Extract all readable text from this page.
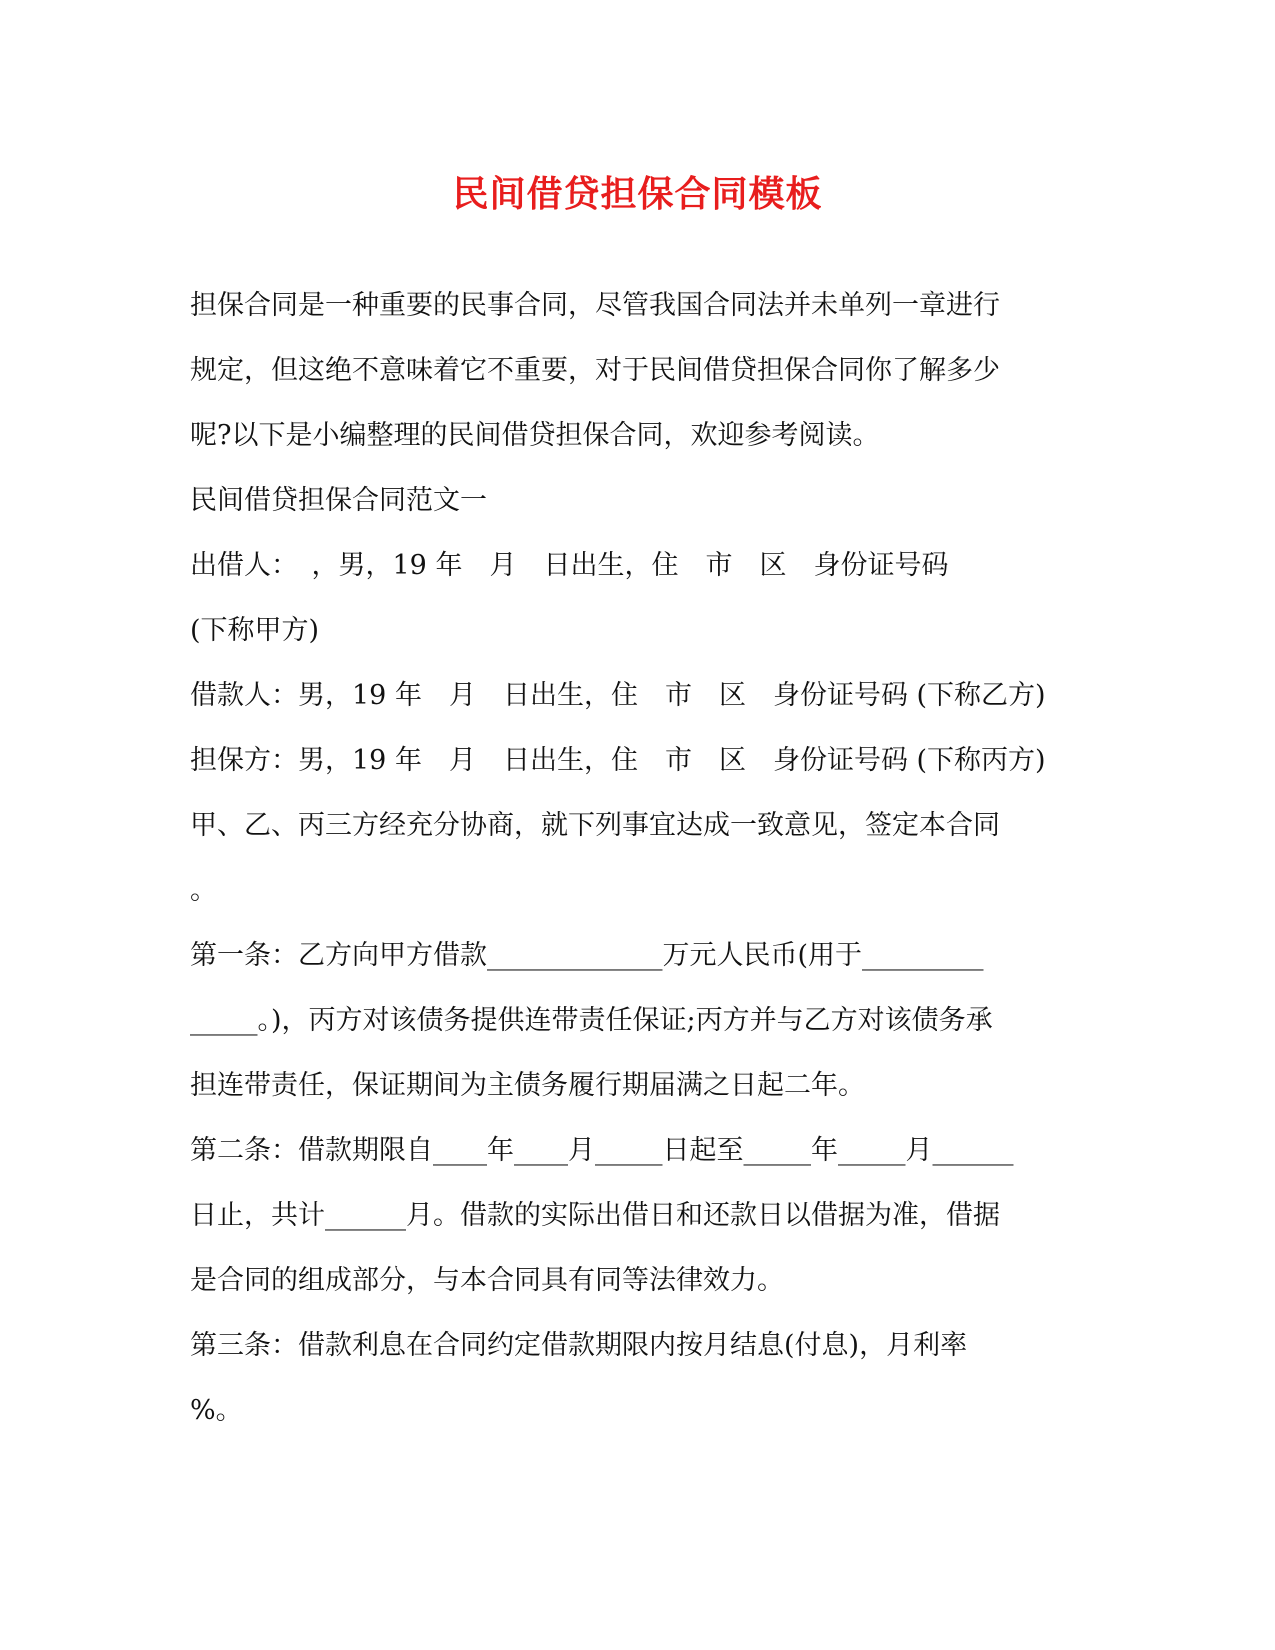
民间借贷担保合同模板

担保合同是一种重要的民事合同，尽管我国合同法并未单列一章进行

规定，但这绝不意味着它不重要，对于民间借贷担保合同你了解多少

呢?以下是小编整理的民间借贷担保合同，欢迎参考阅读。

民间借贷担保合同范文一

出借人：　，男，19 年　月　日出生，住　市　区　身份证号码

(下称甲方)

借款人：男，19 年　月　日出生，住　市　区　身份证号码 (下称乙方)

担保方：男，19 年　月　日出生，住　市　区　身份证号码 (下称丙方)

甲、乙、丙三方经充分协商，就下列事宜达成一致意见，签定本合同

。

第一条：乙方向甲方借款_____________万元人民币(用于_________

_____。)，丙方对该债务提供连带责任保证;丙方并与乙方对该债务承

担连带责任，保证期间为主债务履行期届满之日起二年。

第二条：借款期限自____年____月_____日起至_____年_____月______

日止，共计______月。借款的实际出借日和还款日以借据为准，借据

是合同的组成部分，与本合同具有同等法律效力。

第三条：借款利息在合同约定借款期限内按月结息(付息)，月利率

%。
